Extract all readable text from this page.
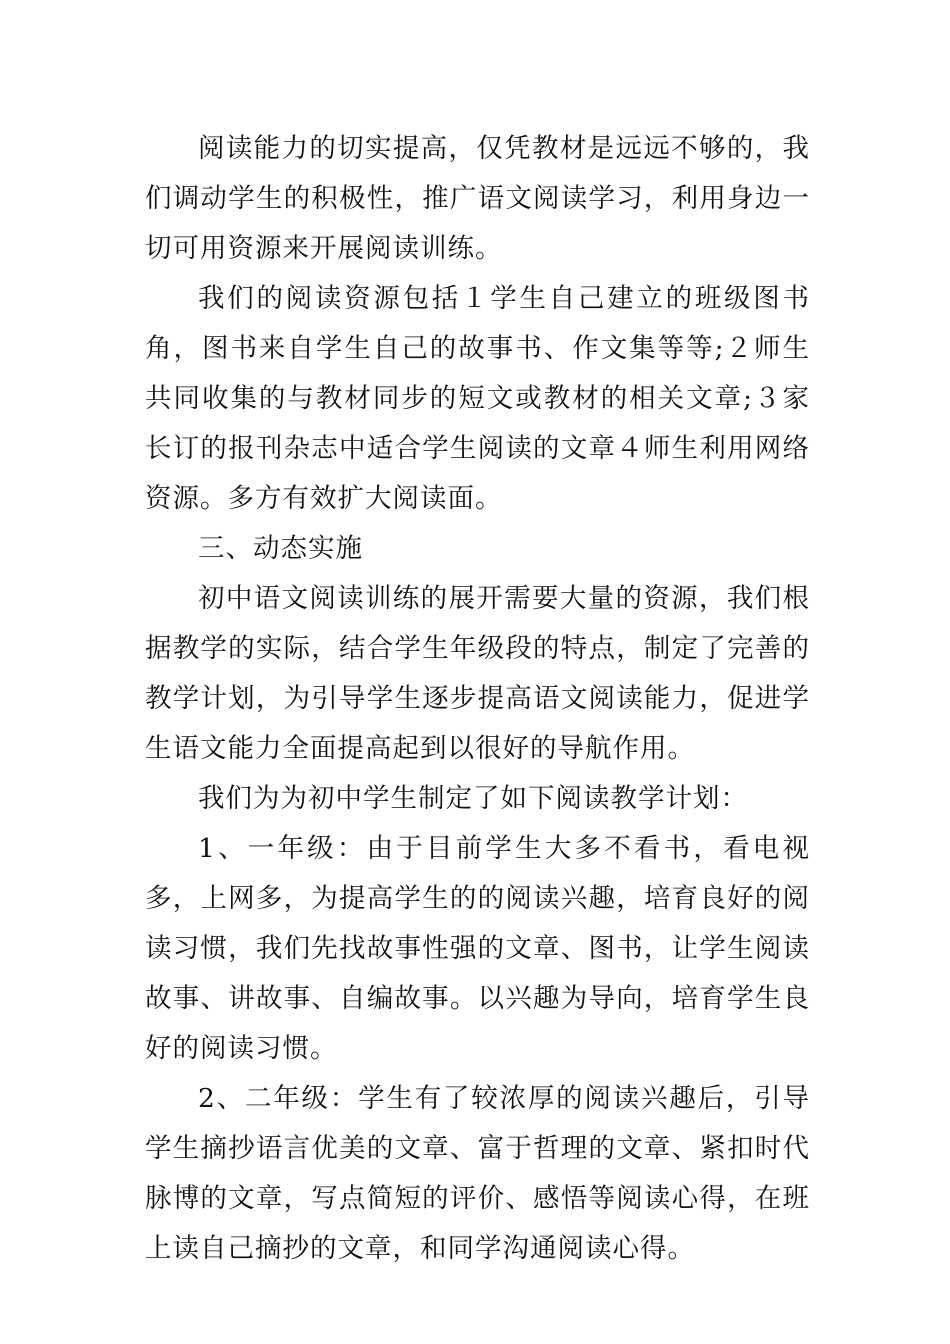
阅读能力的切实提高，仅凭教材是远远不够的，我们调动学生的积极性，推广语文阅读学习，利用身边一切可用资源来开展阅读训练。

我们的阅读资源包括１学生自己建立的班级图书角，图书来自学生自己的故事书、作文集等等;２师生共同收集的与教材同步的短文或教材的相关文章;３家长订的报刊杂志中适合学生阅读的文章４师生利用网络资源。多方有效扩大阅读面。

三、动态实施

初中语文阅读训练的展开需要大量的资源，我们根据教学的实际，结合学生年级段的特点，制定了完善的教学计划，为引导学生逐步提高语文阅读能力，促进学生语文能力全面提高起到以很好的导航作用。

我们为为初中学生制定了如下阅读教学计划：

1、一年级：由于目前学生大多不看书，看电视多，上网多，为提高学生的的阅读兴趣，培育良好的阅读习惯，我们先找故事性强的文章、图书，让学生阅读故事、讲故事、自编故事。以兴趣为导向，培育学生良好的阅读习惯。

2、二年级：学生有了较浓厚的阅读兴趣后，引导学生摘抄语言优美的文章、富于哲理的文章、紧扣时代脉博的文章，写点简短的评价、感悟等阅读心得，在班上读自己摘抄的文章，和同学沟通阅读心得。
